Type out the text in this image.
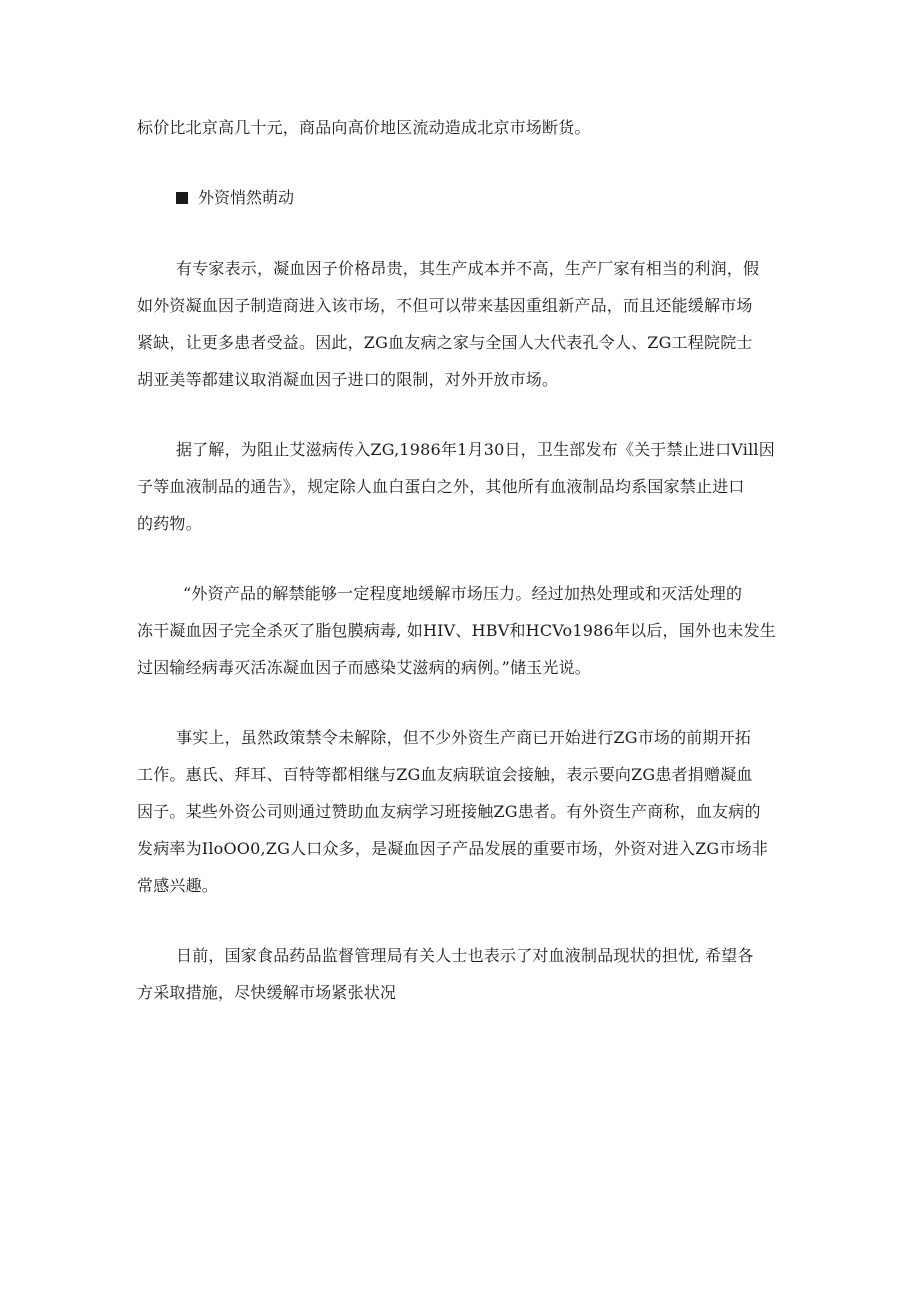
标价比北京高几十元，商品向高价地区流动造成北京市场断货。
外资悄然萌动
有专家表示，凝血因子价格昂贵，其生产成本并不高，生产厂家有相当的利润，假
如外资凝血因子制造商进入该市场，不但可以带来基因重组新产品，而且还能缓解市场
紧缺，让更多患者受益。因此，ZG血友病之家与全国人大代表孔令人、ZG工程院院士
胡亚美等都建议取消凝血因子进口的限制，对外开放市场。
据了解，为阻止艾滋病传入ZG,1986年1月30日，卫生部发布《关于禁止进口Vill因
子等血液制品的通告》，规定除人血白蛋白之外，其他所有血液制品均系国家禁止进口
的药物。
“外资产品的解禁能够一定程度地缓解市场压力。经过加热处理或和灭活处理的
冻干凝血因子完全杀灭了脂包膜病毒, 如HIV、HBV和HCVo1986年以后，国外也未发生
过因输经病毒灭活冻凝血因子而感染艾滋病的病例。”储玉光说。
事实上，虽然政策禁令未解除，但不少外资生产商已开始进行ZG市场的前期开拓
工作。惠氏、拜耳、百特等都相继与ZG血友病联谊会接触，表示要向ZG患者捐赠凝血
因子。某些外资公司则通过赞助血友病学习班接触ZG患者。有外资生产商称，血友病的
发病率为IloOO0,ZG人口众多，是凝血因子产品发展的重要市场，外资对进入ZG市场非
常感兴趣。
日前，国家食品药品监督管理局有关人士也表示了对血液制品现状的担忧, 希望各
方采取措施，尽快缓解市场紧张状况
